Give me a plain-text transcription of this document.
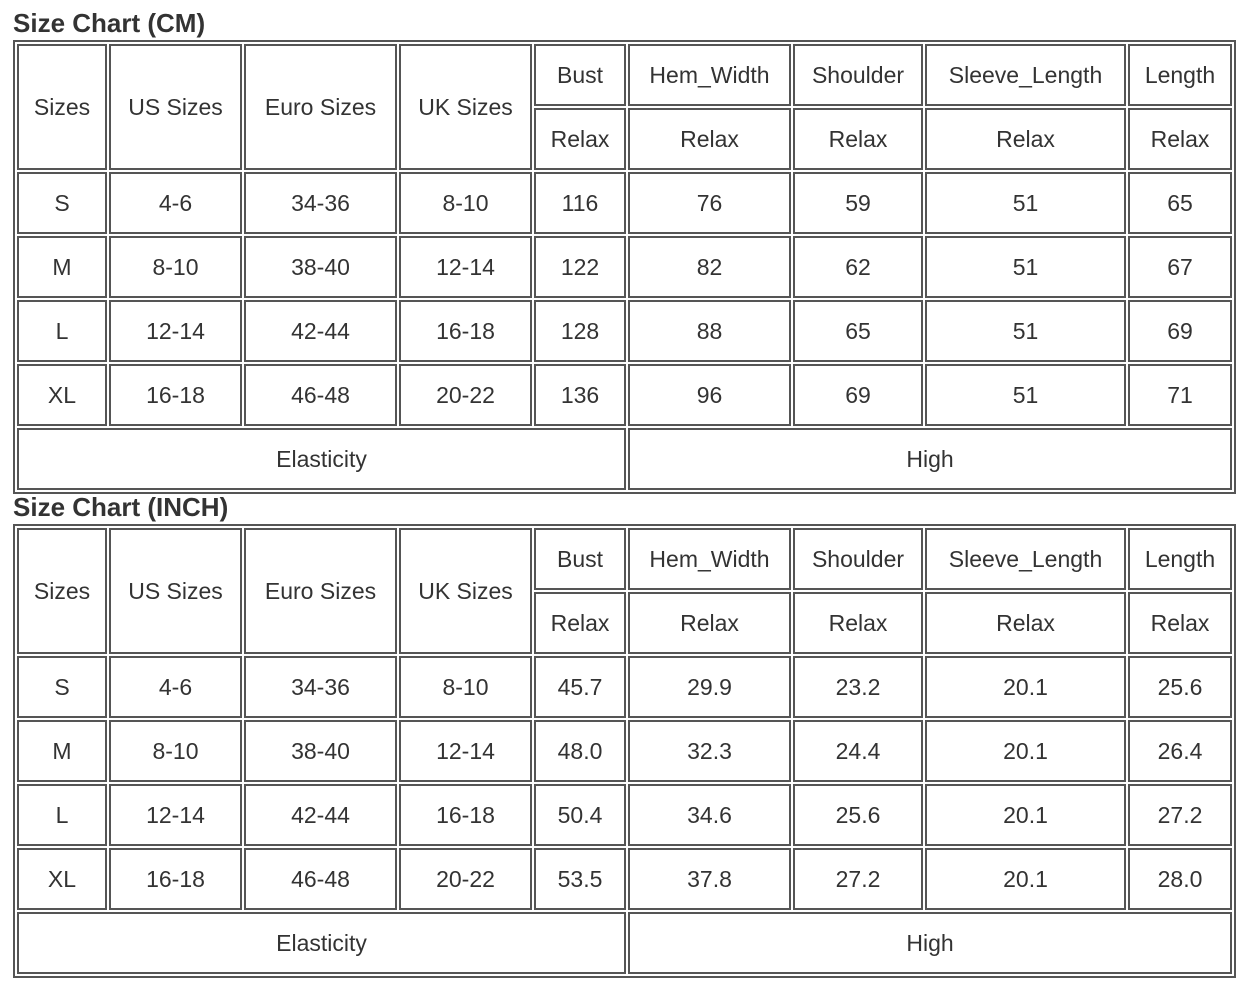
Size Chart (CM)
Sizes	US Sizes	Euro Sizes	UK Sizes	Bust	Hem_Width	Shoulder	Sleeve_Length	Length
				Relax	Relax	Relax	Relax	Relax
S	4-6	34-36	8-10	116	76	59	51	65
M	8-10	38-40	12-14	122	82	62	51	67
L	12-14	42-44	16-18	128	88	65	51	69
XL	16-18	46-48	20-22	136	96	69	51	71
Elasticity					High			
Size Chart (INCH)
Sizes	US Sizes	Euro Sizes	UK Sizes	Bust	Hem_Width	Shoulder	Sleeve_Length	Length
				Relax	Relax	Relax	Relax	Relax
S	4-6	34-36	8-10	45.7	29.9	23.2	20.1	25.6
M	8-10	38-40	12-14	48.0	32.3	24.4	20.1	26.4
L	12-14	42-44	16-18	50.4	34.6	25.6	20.1	27.2
XL	16-18	46-48	20-22	53.5	37.8	27.2	20.1	28.0
Elasticity					High			
